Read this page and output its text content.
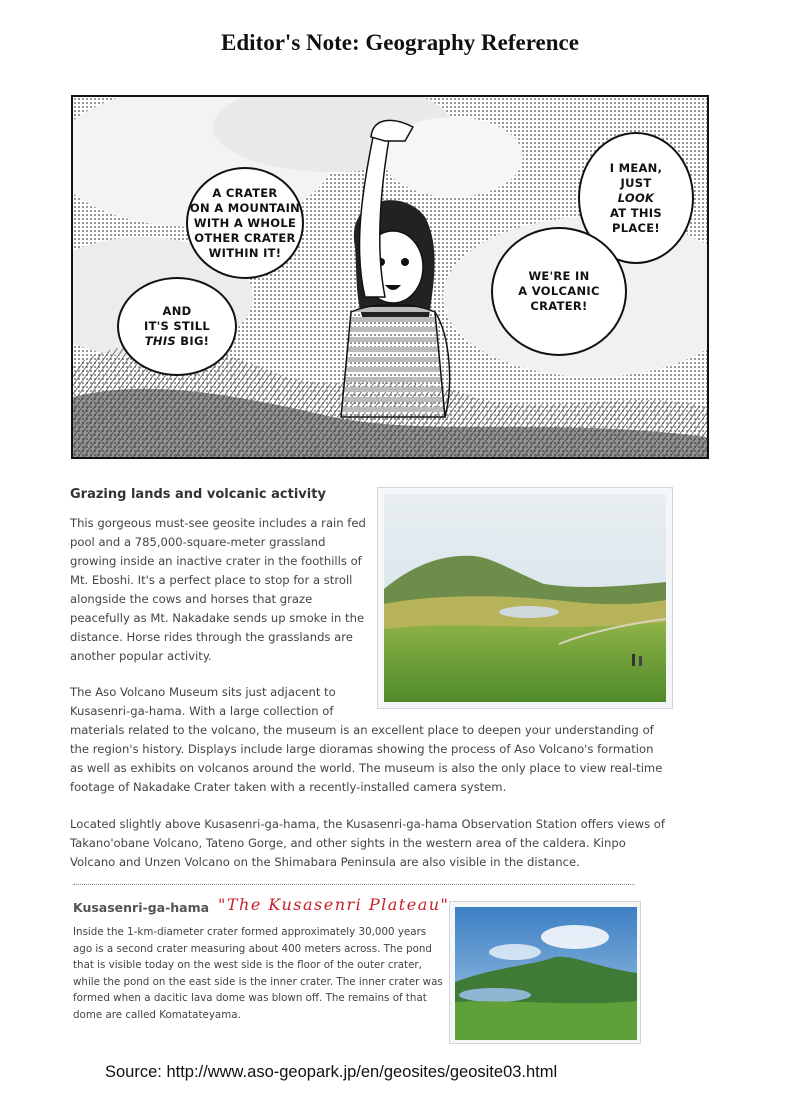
Editor's Note: Geography Reference
A CRATER
ON A MOUNTAIN
WITH A WHOLE
OTHER CRATER
WITHIN IT!
AND
IT'S STILL
THIS BIG!
I MEAN,
JUST
LOOK
AT THIS
PLACE!
WE'RE IN
A VOLCANIC
CRATER!
Grazing lands and volcanic activity
This gorgeous must-see geosite includes a rain fed pool and a 785,000-square-meter grassland growing inside an inactive crater in the foothills of Mt. Eboshi. It's a perfect place to stop for a stroll alongside the cows and horses that graze peacefully as Mt. Nakadake sends up smoke in the distance. Horse rides through the grasslands are another popular activity.
The Aso Volcano Museum sits just adjacent to Kusasenri-ga-hama. With a large collection of
materials related to the volcano, the museum is an excellent place to deepen your understanding of the region's history. Displays include large dioramas showing the process of Aso Volcano's formation as well as exhibits on volcanos around the world. The museum is also the only place to view real-time footage of Nakadake Crater taken with a recently-installed camera system.
Located slightly above Kusasenri-ga-hama, the Kusasenri-ga-hama Observation Station offers views of Takano'obane Volcano, Tateno Gorge, and other sights in the western area of the caldera. Kinpo Volcano and Unzen Volcano on the Shimabara Peninsula are also visible in the distance.
Kusasenri-ga-hama "The Kusasenri Plateau"
Inside the 1-km-diameter crater formed approximately 30,000 years ago is a second crater measuring about 400 meters across. The pond that is visible today on the west side is the floor of the outer crater, while the pond on the east side is the inner crater. The inner crater was formed when a dacitic lava dome was blown off. The remains of that dome are called Komatateyama.
Source: http://www.aso-geopark.jp/en/geosites/geosite03.html
